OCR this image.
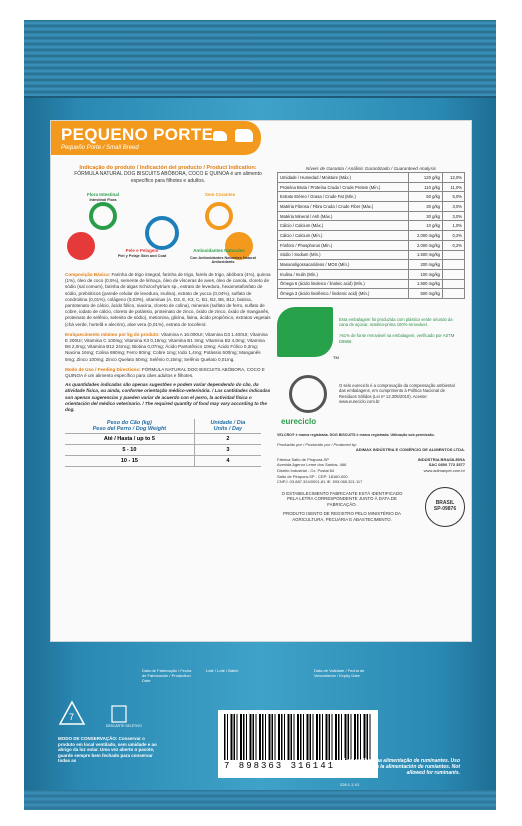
PEQUENO PORTE
Pequeño Porte / Small Breed
Indicação do produto / Indicación del producto / Product Indication:
FÓRMULA NATURAL DOG BISCUITS ABÓBORA, COCO E QUINOA é um alimento específico para filhotes e adultos.
Flora Intestinal
Intestinal Flora
Sem Corantes
Pele e Pelagem
Piel y Pelaje Skin and Coat
Antioxidantes Naturales
Con Antioxidantes Naturales Natural Antioxidants

Composição Básica: Farinha de trigo integral, farinha de trigo, farelo de trigo, abóbora (4%), quinoa (1%), óleo de coco (0,5%), semente de linhaça, óleo de vísceras de aves, óleo de canola, cloreto de sódio (sal comum), farinha de algas Schizochytrium sp., extrato de levedura, hexametafosfato de sódio, prebióticos (parede celular de levedura, inulina), extrato de yucca (0,04%), sulfato de condroitina (0,01%), colágeno (0,03%), vitaminas (A, D3, E, K3, C, B1, B2, B6, B12, biotina, pantotenato de cálcio, ácido fólico, niacina, cloreto de colina), minerais (sulfato de ferro, sulfato de cobre, iodato de cálcio, cloreto de potássio, proteinato de zinco, óxido de zinco, óxido de manganês, proteinato de selênio, selenito de sódio), metionina, glicina, lisina, ácido propiônico, extratos vegetais (chá verde, hortelã e alecrim), aloe vera (0,01%), extrato de tocoferol.

Enriquecimento mínimo por kg do produto: Vitamina A 16.000UI; Vitamina D3 1.400UI; Vitamina E 200UI; Vitamina C 100mg; Vitamina K3 0,15mg; Vitamina B1 3mg; Vitamina B2 4,0mg; Vitamina B6 2,0mg; Vitamina B12 24mcg; Biotina 0,07mg; Ácido Pantotênico 10mg; Ácido Fólico 0,2mg; Niacina 16mg; Colina 690mg; Ferro 80mg; Cobre 1mg; Iodo 1,4mg; Potássio 500mg; Manganês 5mg; Zinco 100mg; Zinco Quelato 50mg; Selênio 0,15mg; Selênio Quelato 0,01mg.

Modo de Uso / Feeding Directions: FÓRMULA NATURAL DOG BISCUITS ABÓBORA, COCO E QUINOA é um alimento específico para cães adultos e filhotes.

As quantidades indicadas são apenas sugestões e podem variar dependendo do cão, da atividade física, ou ainda, conforme orientação médico-veterinária. / Las cantidades indicadas son apenas sugerencias y pueden variar de acuerdo con el perro, la actividad física o orientación del médico veterinario. / The required quantity of food may vary according to the dog.

Peso do Cão (kg)
Peso del Perro / Dog Weight	Unidade / Dia
Units / Day
Até / Hasta / up to 5	2
5 - 10	3
10 - 15	4
Níveis de Garantia / Análisis Garantizado / Guaranteed Analysis
Umidade / Humedad / Moisture (Máx.)	120 g/kg	12,0%
Proteína Bruta / Proteína Cruda / Crude Protein (Mín.)	110 g/kg	11,0%
Extrato Etéreo / Grasa / Crude Fat (Mín.)	50 g/kg	5,0%
Matéria Fibrosa / Fibra Cruda / Crude Fiber (Máx.)	30 g/kg	3,0%
Matéria Mineral / Ash (Máx.)	30 g/kg	3,0%
Cálcio / Calcium (Máx.)	10 g/kg	1,0%
Cálcio / Calcium (Mín.)	2.000 mg/kg	0,2%
Fósforo / Phosphorus (Mín.)	2.000 mg/kg	0,2%
Sódio / Sodium (Mín.)	1.500 mg/kg	
Mananoligossacarídeos / MOS (Mín.)	200 mg/kg	
Inulina / Inulin (Mín.)	100 mg/kg	
Ômega 6 (ácido linoleico / linoleic acid) (Mín.)	1.500 mg/kg	
Ômega 3 (ácido linolênico / linolenic acid) (Mín.)	500 mg/kg	
Esta embalagem foi produzida com plástico verde oriundo da cana de açúcar, matéria-prima 100% renovável.

>51% de fonte renovável na embalagem, verificado por ASTM D6866.
TM
eureciclo
O selo eureciclo é a comprovação da compensação ambiental das embalagens, em cumprimento à Política Nacional de Resíduos Sólidos (Lei nº 12.305/2010). Acesse: www.eureciclo.com.br
VELCRO® é marca registrada. DOG BISCUITS é marca registrada. Utilização sob permissão.
Produzido por / Producido por / Produced by:
ADIMAX INDÚSTRIA E COMÉRCIO DE ALIMENTOS LTDA.
Fábrica Salto de Pirapora-SP
Avenida Agenor Leme dos Santos, 466
Distrito Industrial - Cx. Postal 84
Salto de Pirapora-SP - CEP: 18160-000
CNPJ: 03.887.324/0001-81 IE: 593.065.321.117
INDÚSTRIA BRASILEIRA
SAC 0800 773 3577
www.adimaxpet.com.br
O ESTABELECIMENTO FABRICANTE ESTÁ IDENTIFICADO PELA LETRA CORRESPONDENTE JUNTO À DATA DE FABRICAÇÃO.
PRODUTO ISENTO DE REGISTRO PELO MINISTÉRIO DA AGRICULTURA, PECUÁRIA E ABASTECIMENTO.
BRASIL
SP-09876
Data de Fabricação / Fecha de Fabricación / Production Date
Lote / Lote / Batch	Data de Validade / Fecha de Vencimiento / Expiry Date
7
DESCARTE SELETIVO
MODO DE CONSERVAÇÃO: Conservar o produto em local ventilado, sem umidade e ao abrigo da luz solar. Uma vez aberto o pacote, guarde sempre bem fechado para conservar todas as
7 898363 316141
226.1.1.V1
Uso proibido na alimentação de ruminantes. Uso prohibido en la alimentación de rumiantes. Not allowed for ruminants.
